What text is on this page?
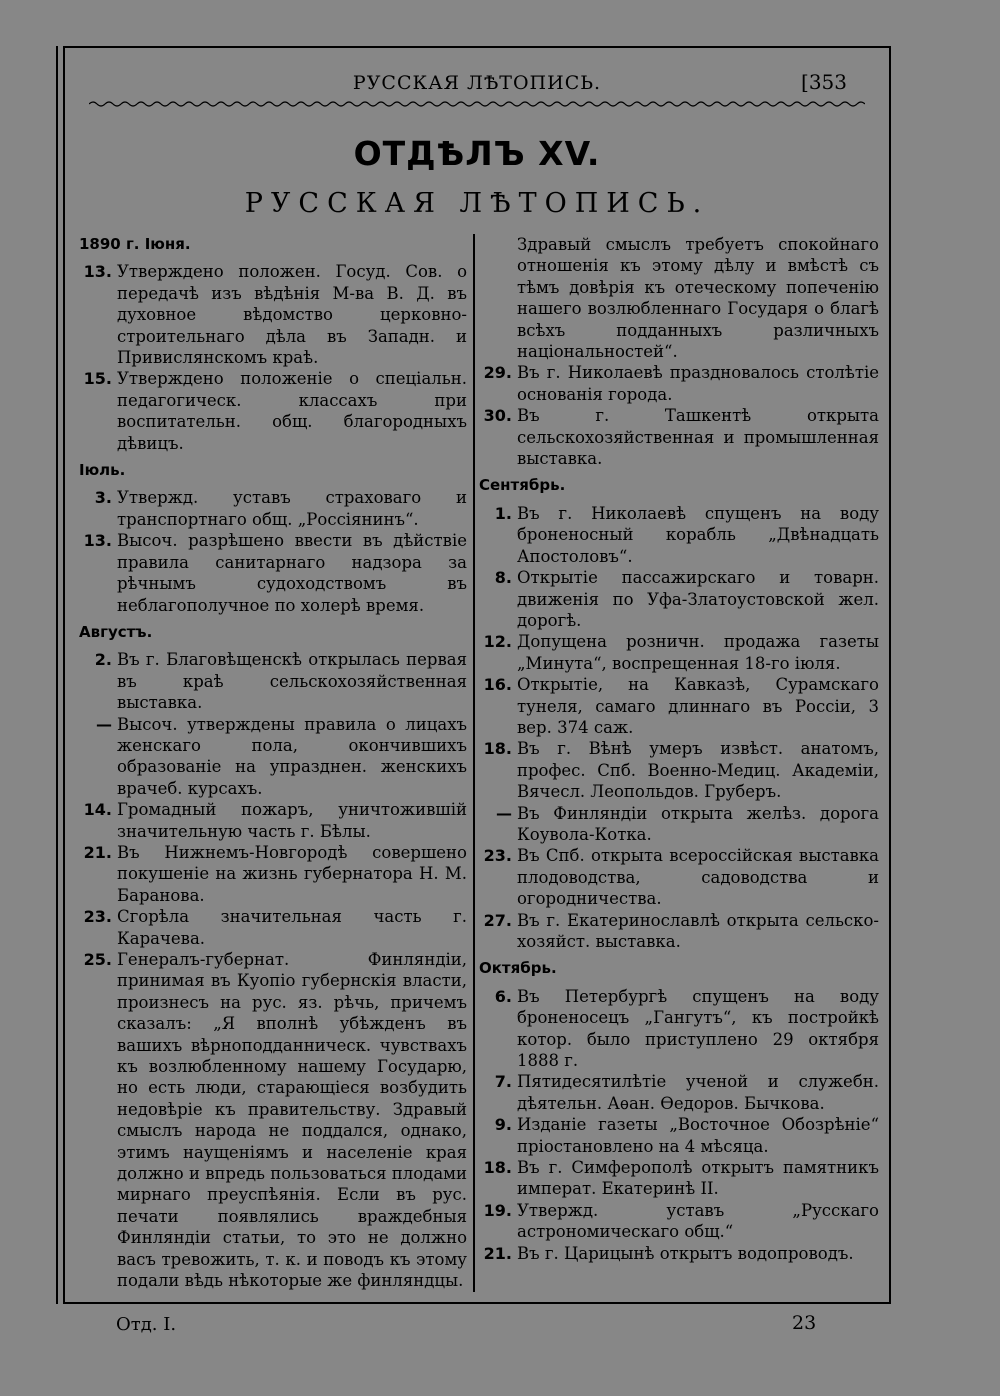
РУССКАЯ ЛѢТОПИСЬ.	[353
ОТДѢЛЪ XV.
РУССКАЯ ЛѢТОПИСЬ.
1890 г. Іюня.
13. Утверждено положен. Госуд. Сов. о передачѣ изъ вѣдѣнія М-ва В. Д. въ духовное вѣдомство церковно-строительнаго дѣла въ Западн. и Привислянскомъ краѣ.
15. Утверждено положеніе о спеціальн. педагогическ. классахъ при воспитательн. общ. благородныхъ дѣвицъ.
Іюль.
3. Утвержд. уставъ страховаго и транспортнаго общ. „Россіянинъ“.
13. Высоч. разрѣшено ввести въ дѣйствіе правила санитарнаго надзора за рѣчнымъ судоходствомъ въ неблагополучное по холерѣ время.
Августъ.
2. Въ г. Благовѣщенскѣ открылась первая въ краѣ сельскохозяйственная выставка.
— Высоч. утверждены правила о лицахъ женскаго пола, окончившихъ образованіе на упразднен. женскихъ врачеб. курсахъ.
14. Громадный пожаръ, уничтожившій значительную часть г. Бѣлы.
21. Въ Нижнемъ-Новгородѣ совершено покушеніе на жизнь губернатора Н. М. Баранова.
23. Сгорѣла значительная часть г. Карачева.
25. Генералъ-губернат. Финляндіи, принимая въ Куопіо губернскія власти, произнесъ на рус. яз. рѣчь, причемъ сказалъ: „Я вполнѣ убѣжденъ въ вашихъ вѣрноподданническ. чувствахъ къ возлюбленному нашему Государю, но есть люди, старающіеся возбудить недовѣріе къ правительству. Здравый смыслъ народа не поддался, однако, этимъ наущеніямъ и населеніе края должно и впредь пользоваться плодами мирнаго преуспѣянія. Если въ рус. печати появлялись враждебныя Финляндіи статьи, то это не должно васъ тревожить, т. к. и поводъ къ этому подали вѣдь нѣкоторые же финляндцы.
Здравый смыслъ требуетъ спокойнаго отношенія къ этому дѣлу и вмѣстѣ съ тѣмъ довѣрія къ отеческому попеченію нашего возлюбленнаго Государя о благѣ всѣхъ подданныхъ различныхъ національностей“.
29. Въ г. Николаевѣ праздновалось столѣтіе основанія города.
30. Въ г. Ташкентѣ открыта сельскохозяйственная и промышленная выставка.
Сентябрь.
1. Въ г. Николаевѣ спущенъ на воду броненосный корабль „Двѣнадцать Апостоловъ“.
8. Открытіе пассажирскаго и товарн. движенія по Уфа-Златоустовской жел. дорогѣ.
12. Допущена розничн. продажа газеты „Минута“, воспрещенная 18-го іюля.
16. Открытіе, на Кавказѣ, Сурамскаго тунеля, самаго длиннаго въ Россіи, 3 вер. 374 саж.
18. Въ г. Вѣнѣ умеръ извѣст. анатомъ, профес. Спб. Военно-Медиц. Академіи, Вячесл. Леопольдов. Груберъ.
— Въ Финляндіи открыта желѣз. дорога Коувола-Котка.
23. Въ Спб. открыта всероссійская выставка плодоводства, садоводства и огородничества.
27. Въ г. Екатеринославлѣ открыта сельско-хозяйст. выставка.
Октябрь.
6. Въ Петербургѣ спущенъ на воду броненосецъ „Гангутъ“, къ постройкѣ котор. было приступлено 29 октября 1888 г.
7. Пятидесятилѣтіе ученой и служебн. дѣятельн. Аѳан. Ѳедоров. Бычкова.
9. Изданіе газеты „Восточное Обозрѣніе“ пріостановлено на 4 мѣсяца.
18. Въ г. Симферополѣ открытъ памятникъ императ. Екатеринѣ II.
19. Утвержд. уставъ „Русскаго астрономическаго общ.“
21. Въ г. Царицынѣ открытъ водопроводъ.
Отд. I.	23
